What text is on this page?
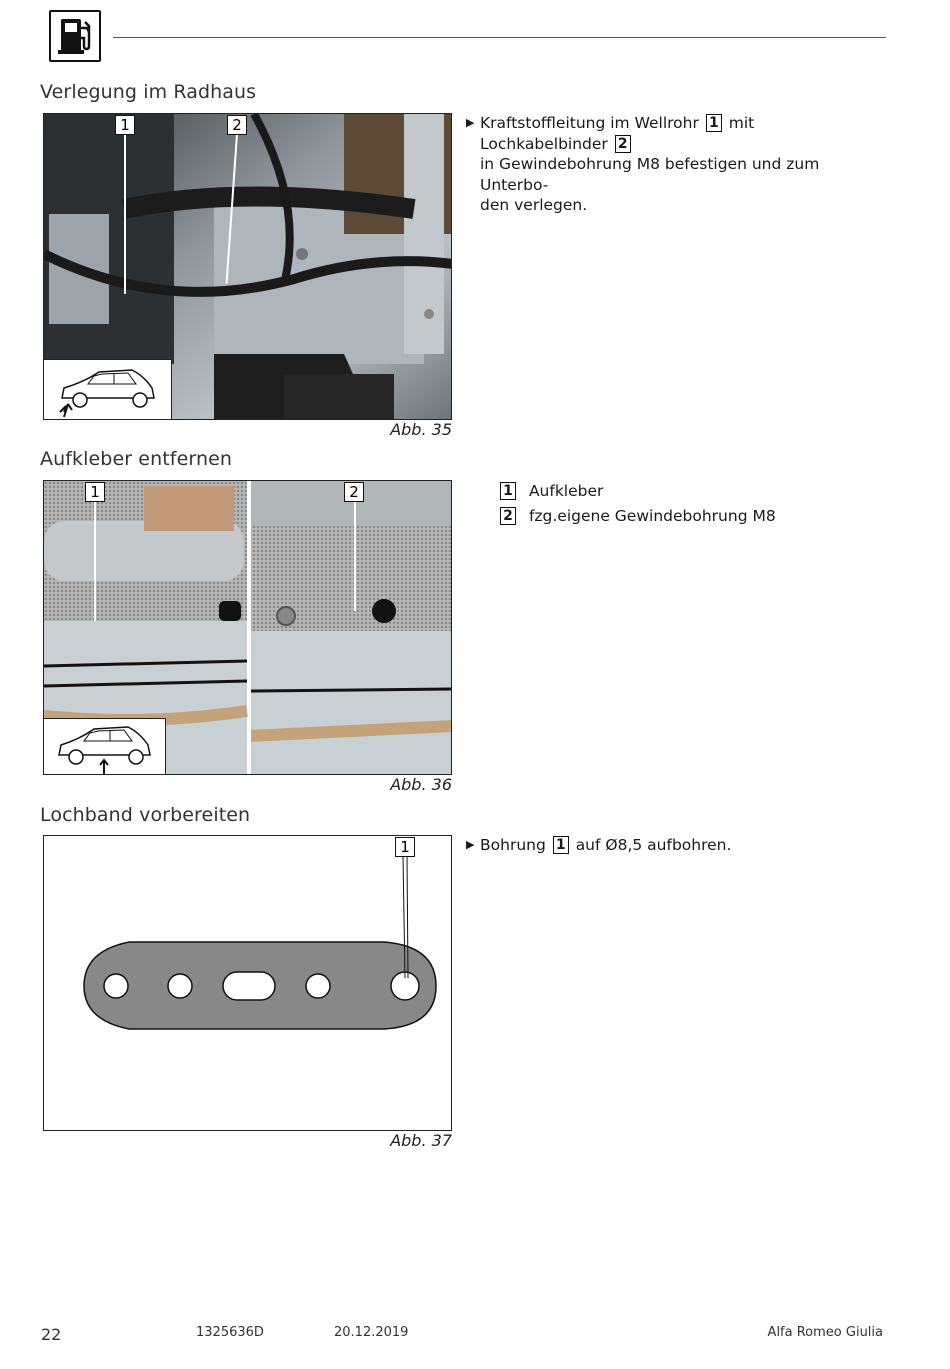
Verlegung im Radhaus
1	2
Abb. 35
▶ Kraftstoffleitung im Wellrohr 1 mit Lochkabelbinder 2
in Gewindebohrung M8 befestigen und zum Unterbo-
den verlegen.
Aufkleber entfernen
1	2
Abb. 36
1 Aufkleber
2 fzg.eigene Gewindebohrung M8
Lochband vorbereiten
1
Abb. 37
▶ Bohrung 1 auf Ø8,5 aufbohren.
22	1325636D	20.12.2019	Alfa Romeo Giulia
